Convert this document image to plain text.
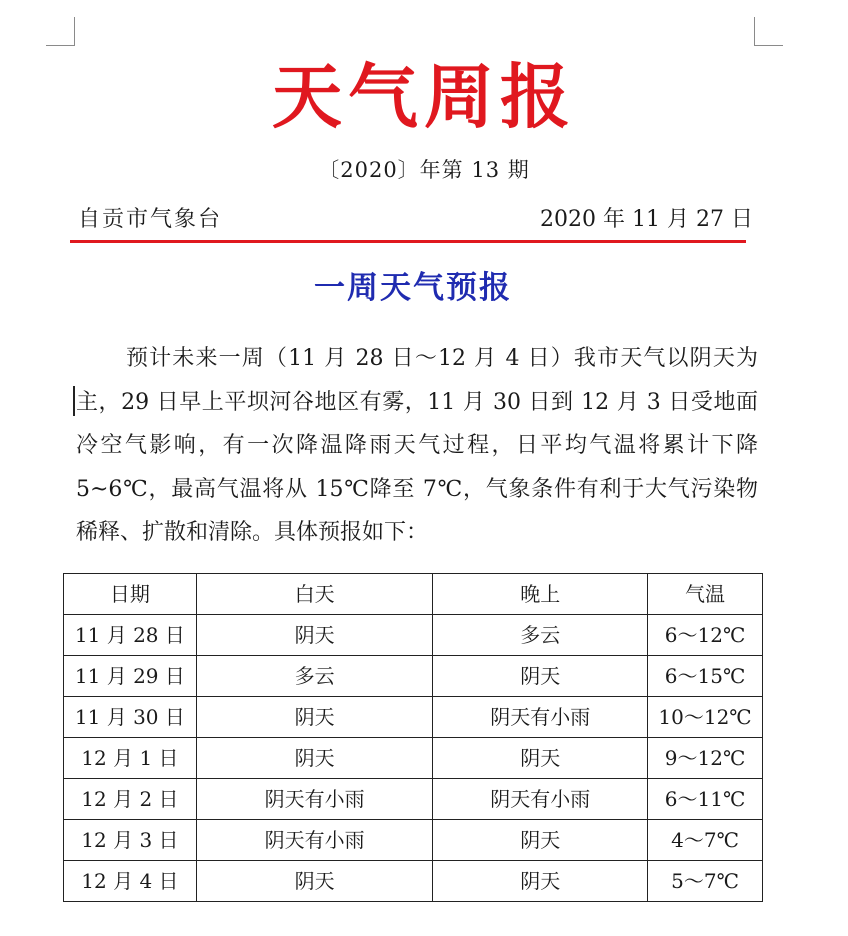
天气周报
〔2020〕年第 13 期
自贡市气象台	2020 年 11 月 27 日
一周天气预报

预计未来一周（11 月 28 日～12 月 4 日）我市天气以阴天为主，29 日早上平坝河谷地区有雾，11 月 30 日到 12 月 3 日受地面冷空气影响，有一次降温降雨天气过程，日平均气温将累计下降 5~6℃，最高气温将从 15℃降至 7℃，气象条件有利于大气污染物稀释、扩散和清除。具体预报如下：

日期	白天	晚上	气温
11 月 28 日	阴天	多云	6～12℃
11 月 29 日	多云	阴天	6～15℃
11 月 30 日	阴天	阴天有小雨	10～12℃
12 月 1 日	阴天	阴天	9～12℃
12 月 2 日	阴天有小雨	阴天有小雨	6～11℃
12 月 3 日	阴天有小雨	阴天	4～7℃
12 月 4 日	阴天	阴天	5～7℃
